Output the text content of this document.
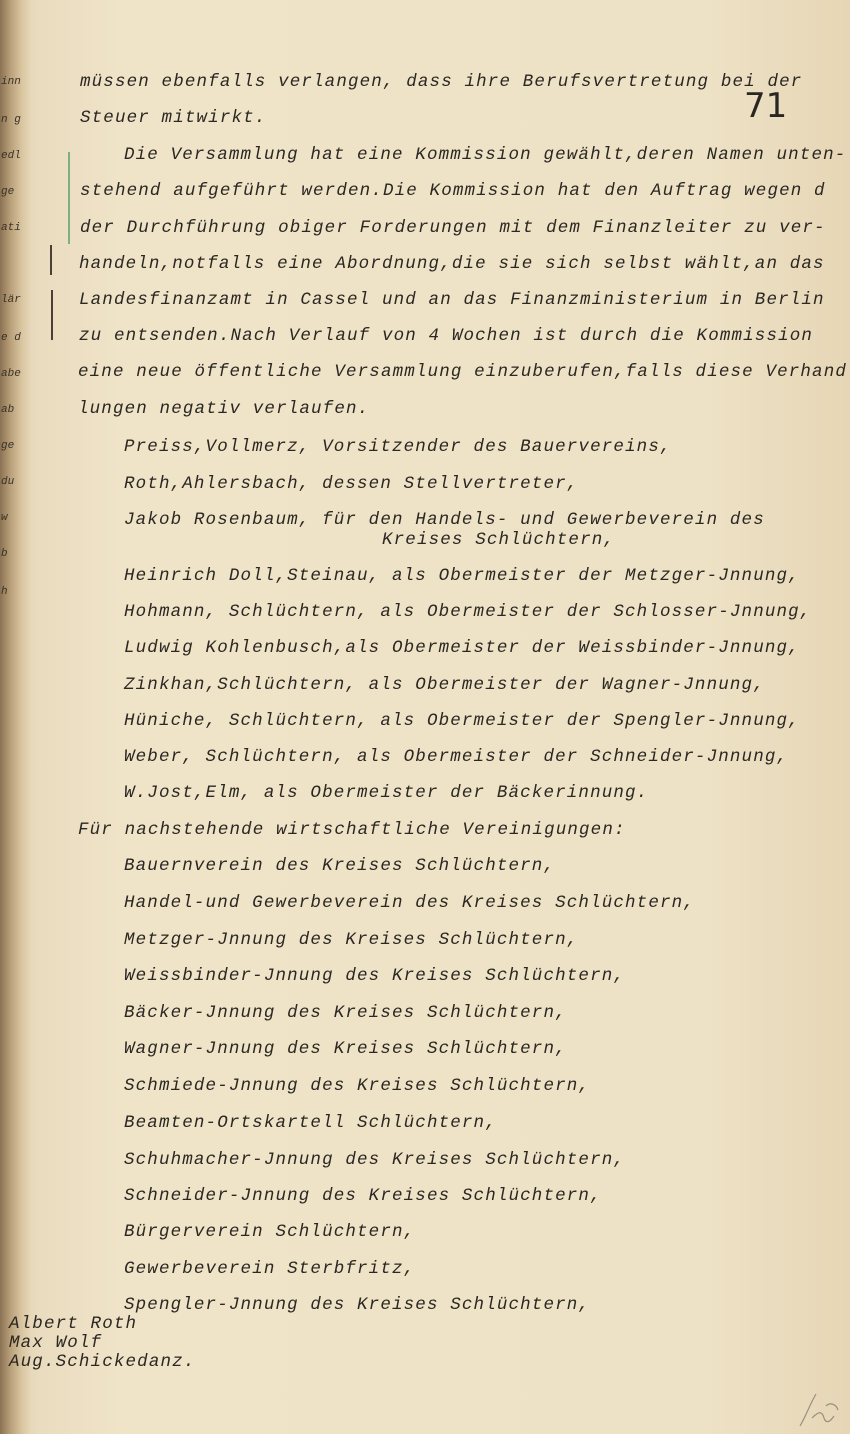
inn
n g
edl
ge
ati
lär
e d
abe
ab
ge
du
w
b
h
71
müssen ebenfalls verlangen, dass ihre Berufsvertretung bei der
Steuer mitwirkt.
Die Versammlung hat eine Kommission gewählt,deren Namen unten-
stehend aufgeführt werden.Die Kommission hat den Auftrag wegen d
der Durchführung obiger Forderungen mit dem Finanzleiter zu ver-
handeln,notfalls eine Abordnung,die sie sich selbst wählt,an das
Landesfinanzamt in Cassel und an das Finanzministerium in Berlin
zu entsenden.Nach Verlauf von 4 Wochen ist durch die Kommission
eine neue öffentliche Versammlung einzuberufen,falls diese Verhand
lungen negativ verlaufen.
Preiss,Vollmerz, Vorsitzender des Bauervereins,
Roth,Ahlersbach, dessen Stellvertreter,
Jakob Rosenbaum, für den Handels- und Gewerbeverein des
Kreises Schlüchtern,
Heinrich Doll,Steinau, als Obermeister der Metzger-Jnnung,
Hohmann, Schlüchtern, als Obermeister der Schlosser-Jnnung,
Ludwig Kohlenbusch,als Obermeister der Weissbinder-Jnnung,
Zinkhan,Schlüchtern, als Obermeister der Wagner-Jnnung,
Hüniche, Schlüchtern, als Obermeister der Spengler-Jnnung,
Weber, Schlüchtern, als Obermeister der Schneider-Jnnung,
W.Jost,Elm, als Obermeister der Bäckerinnung.
Für nachstehende wirtschaftliche Vereinigungen:
Bauernverein des Kreises Schlüchtern,
Handel-und Gewerbeverein des Kreises Schlüchtern,
Metzger-Jnnung des Kreises Schlüchtern,
Weissbinder-Jnnung des Kreises Schlüchtern,
Bäcker-Jnnung des Kreises Schlüchtern,
Wagner-Jnnung des Kreises Schlüchtern,
Schmiede-Jnnung des Kreises Schlüchtern,
Beamten-Ortskartell Schlüchtern,
Schuhmacher-Jnnung des Kreises Schlüchtern,
Schneider-Jnnung des Kreises Schlüchtern,
Bürgerverein Schlüchtern,
Gewerbeverein Sterbfritz,
Spengler-Jnnung des Kreises Schlüchtern,
Albert Roth
Max Wolf
Aug.Schickedanz.
